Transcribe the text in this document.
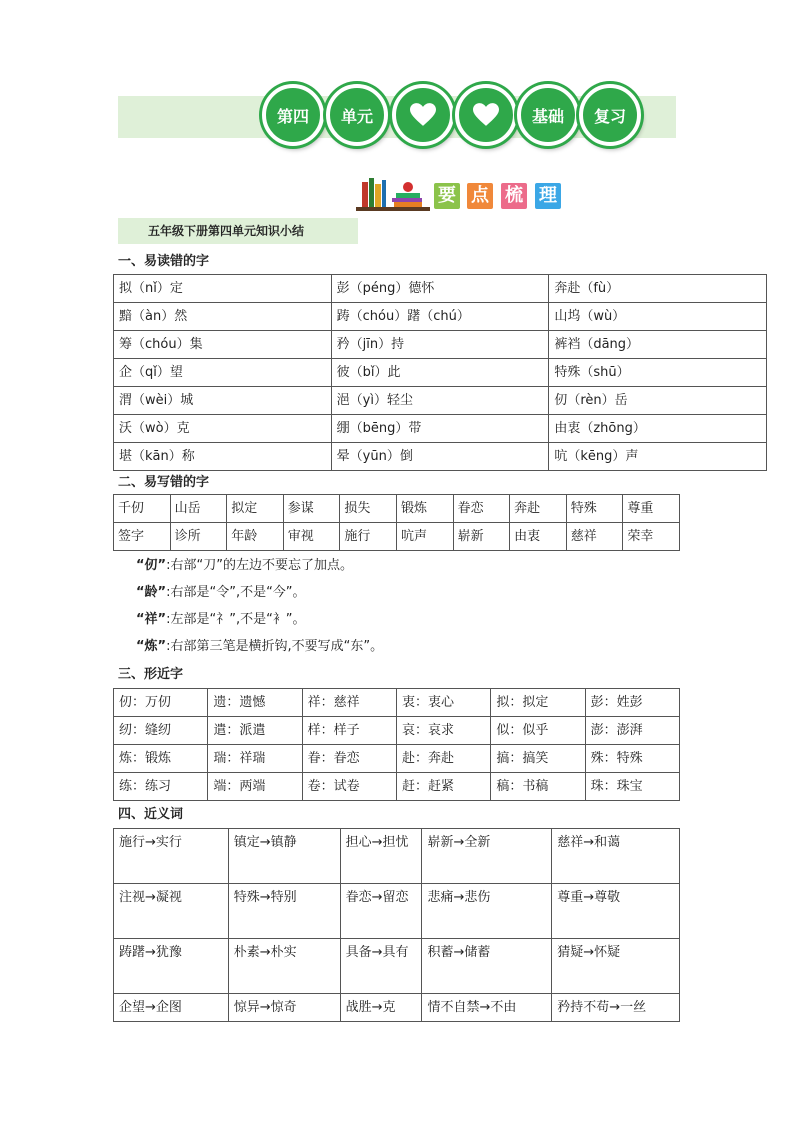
第四 单元	基础 复习
要 点 梳 理
五年级下册第四单元知识小结
一、易读错的字
拟（nǐ）定	彭（péng）德怀	奔赴（fù）
黯（àn）然	踌（chóu）躇（chú）	山坞（wù）
筹（chóu）集	矜（jīn）持	裤裆（dāng）
企（qǐ）望	彼（bǐ）此	特殊（shū）
渭（wèi）城	浥（yì）轻尘	仞（rèn）岳
沃（wò）克	绷（bēng）带	由衷（zhōng）
堪（kān）称	晕（yūn）倒	吭（kēng）声
二、易写错的字
千仞	山岳	拟定	参谋	损失	锻炼	眷恋	奔赴	特殊	尊重
签字	诊所	年龄	审视	施行	吭声	崭新	由衷	慈祥	荣幸
“仞”:右部“刀”的左边不要忘了加点。
“龄”:右部是“令”,不是“今”。
“祥”:左部是“礻”,不是“衤”。
“炼”:右部第三笔是横折钩,不要写成“东”。
三、形近字
仞：万仞	遗：遗憾	祥：慈祥	衷：衷心	拟：拟定	彭：姓彭
纫：缝纫	遣：派遣	样：样子	哀：哀求	似：似乎	澎：澎湃
炼：锻炼	瑞：祥瑞	眷：眷恋	赴：奔赴	搞：搞笑	殊：特殊
练：练习	端：两端	卷：试卷	赶：赶紧	稿：书稿	珠：珠宝
四、近义词
施行→实行	镇定→镇静	担心→担忧	崭新→全新	慈祥→和蔼
注视→凝视	特殊→特别	眷恋→留恋	悲痛→悲伤	尊重→尊敬
踌躇→犹豫	朴素→朴实	具备→具有	积蓄→储蓄	猜疑→怀疑
企望→企图	惊异→惊奇	战胜→克	情不自禁→不由	矜持不苟→一丝
